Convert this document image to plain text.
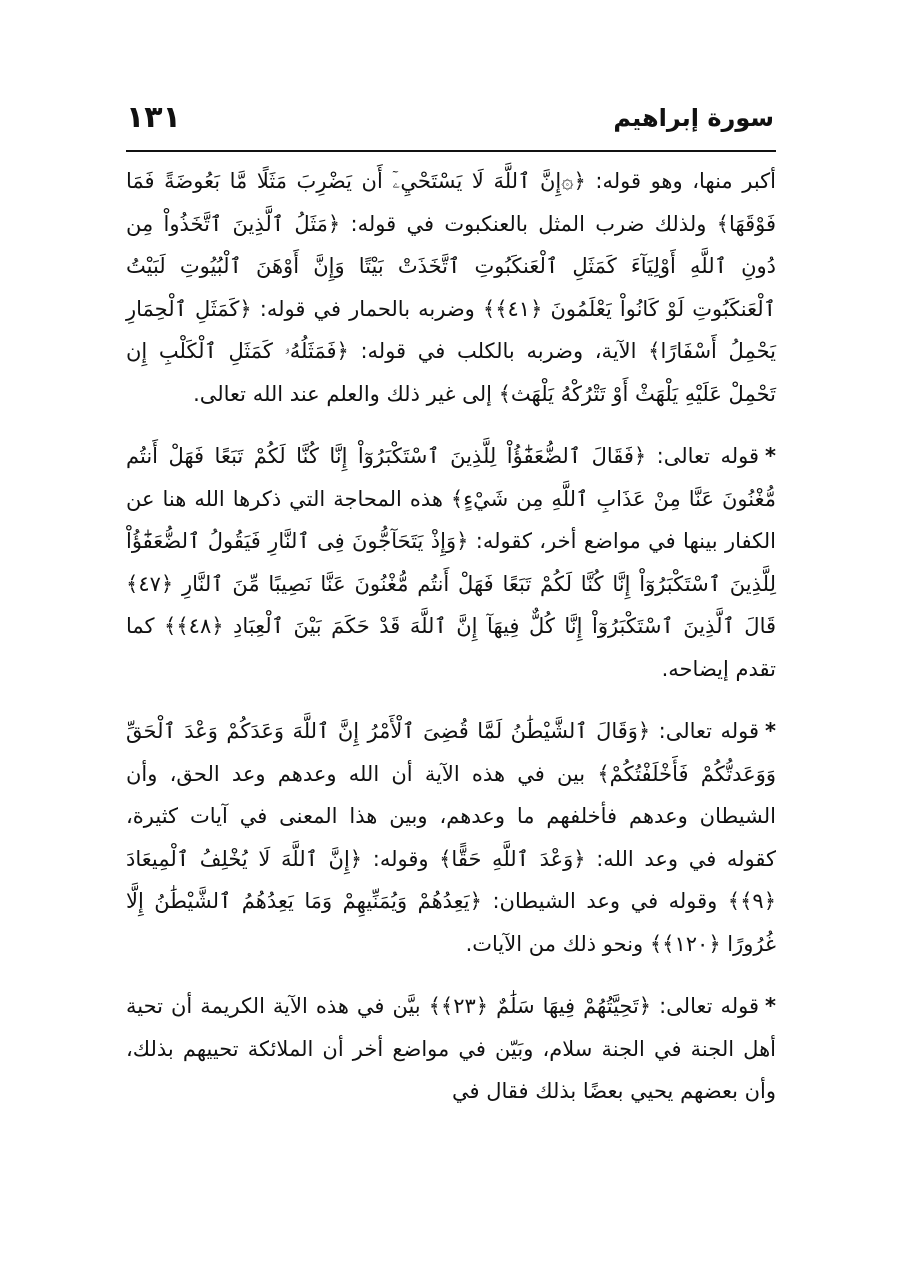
١٣١	سورة إبراهيم

أكبر منها، وهو قوله: ﴿۞إِنَّ ٱللَّهَ لَا يَسْتَحْيِۦٓ أَن يَضْرِبَ مَثَلًا مَّا بَعُوضَةً فَمَا فَوْقَهَا﴾ ولذلك ضرب المثل بالعنكبوت في قوله: ﴿مَثَلُ ٱلَّذِينَ ٱتَّخَذُواْ مِن دُونِ ٱللَّهِ أَوْلِيَآءَ كَمَثَلِ ٱلْعَنكَبُوتِ ٱتَّخَذَتْ بَيْتًا وَإِنَّ أَوْهَنَ ٱلْبُيُوتِ لَبَيْتُ ٱلْعَنكَبُوتِ لَوْ كَانُواْ يَعْلَمُونَ ﴿٤١﴾﴾ وضربه بالحمار في قوله: ﴿كَمَثَلِ ٱلْحِمَارِ يَحْمِلُ أَسْفَارًا﴾ الآية، وضربه بالكلب في قوله: ﴿فَمَثَلُهُۥ كَمَثَلِ ٱلْكَلْبِ إِن تَحْمِلْ عَلَيْهِ يَلْهَثْ أَوْ تَتْرُكْهُ يَلْهَث﴾ إلى غير ذلك والعلم عند الله تعالى.

*قوله تعالى: ﴿فَقَالَ ٱلضُّعَفَٰٓؤُاْ لِلَّذِينَ ٱسْتَكْبَرُوٓاْ إِنَّا كُنَّا لَكُمْ تَبَعًا فَهَلْ أَنتُم مُّغْنُونَ عَنَّا مِنْ عَذَابِ ٱللَّهِ مِن شَيْءٍ﴾ هذه المحاجة التي ذكرها الله هنا عن الكفار بينها في مواضع أخر، كقوله: ﴿وَإِذْ يَتَحَآجُّونَ فِى ٱلنَّارِ فَيَقُولُ ٱلضُّعَفَٰٓؤُاْ لِلَّذِينَ ٱسْتَكْبَرُوٓاْ إِنَّا كُنَّا لَكُمْ تَبَعًا فَهَلْ أَنتُم مُّغْنُونَ عَنَّا نَصِيبًا مِّنَ ٱلنَّارِ ﴿٤٧﴾ قَالَ ٱلَّذِينَ ٱسْتَكْبَرُوٓاْ إِنَّا كُلٌّ فِيهَآ إِنَّ ٱللَّهَ قَدْ حَكَمَ بَيْنَ ٱلْعِبَادِ ﴿٤٨﴾﴾ كما تقدم إيضاحه.

*قوله تعالى: ﴿وَقَالَ ٱلشَّيْطَٰنُ لَمَّا قُضِىَ ٱلْأَمْرُ إِنَّ ٱللَّهَ وَعَدَكُمْ وَعْدَ ٱلْحَقِّ وَوَعَدتُّكُمْ فَأَخْلَفْتُكُمْ﴾ بين في هذه الآية أن الله وعدهم وعد الحق، وأن الشيطان وعدهم فأخلفهم ما وعدهم، وبين هذا المعنى في آيات كثيرة، كقوله في وعد الله: ﴿وَعْدَ ٱللَّهِ حَقًّا﴾ وقوله: ﴿إِنَّ ٱللَّهَ لَا يُخْلِفُ ٱلْمِيعَادَ ﴿٩﴾﴾ وقوله في وعد الشيطان: ﴿يَعِدُهُمْ وَيُمَنِّيهِمْ وَمَا يَعِدُهُمُ ٱلشَّيْطَٰنُ إِلَّا غُرُورًا ﴿١٢٠﴾﴾ ونحو ذلك من الآيات.

*قوله تعالى: ﴿تَحِيَّتُهُمْ فِيهَا سَلَٰمٌ ﴿٢٣﴾﴾ بيَّن في هذه الآية الكريمة أن تحية أهل الجنة في الجنة سلام، وبَيّن في مواضع أخر أن الملائكة تحييهم بذلك، وأن بعضهم يحيي بعضًا بذلك فقال في
